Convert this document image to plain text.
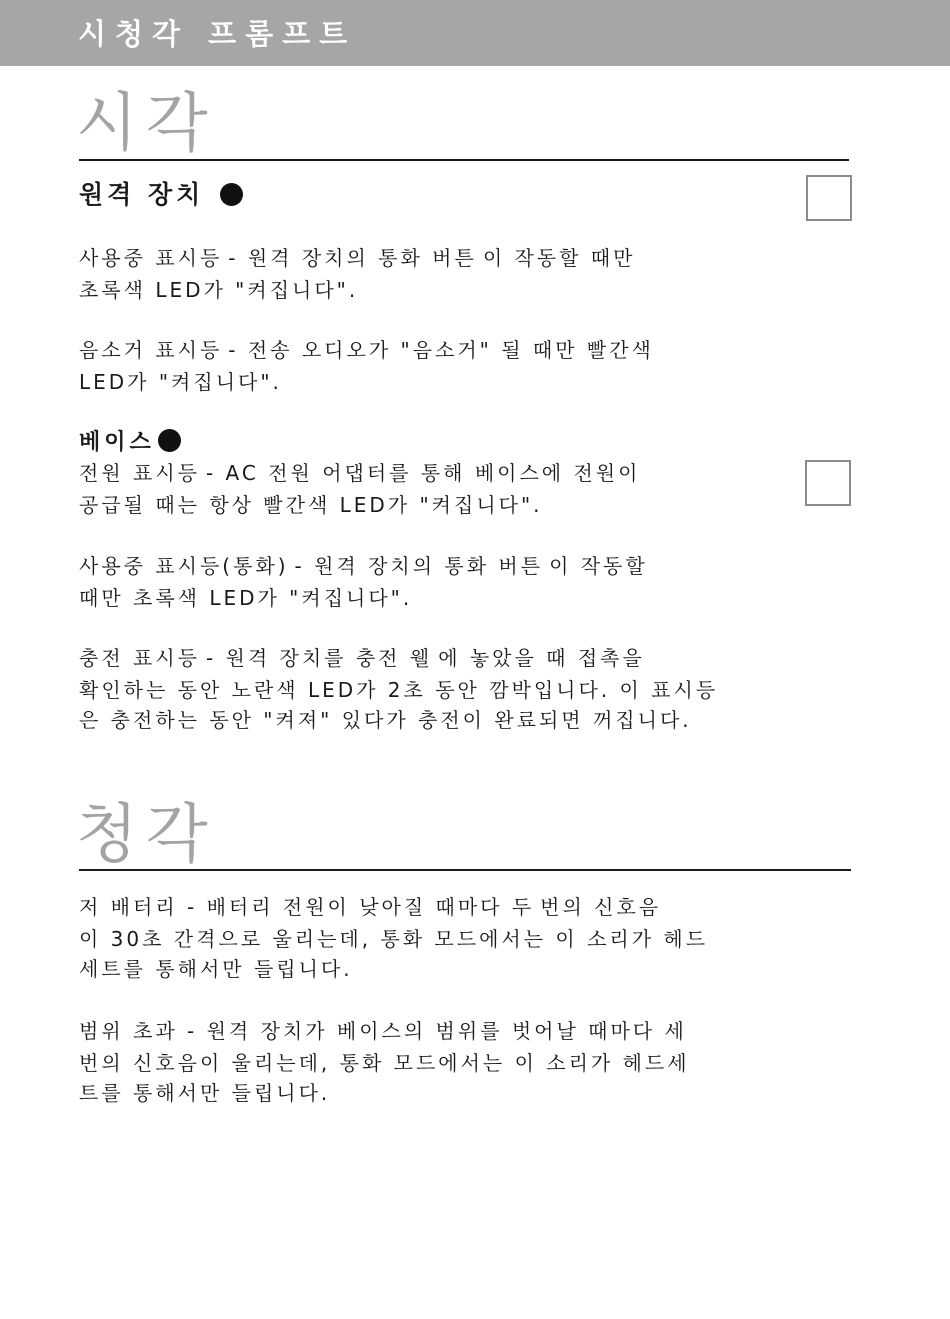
시청각 프롬프트
시각
원격 장치
사용중 표시등 - 원격 장치의 통화 버튼 이 작동할 때만
초록색 LED가 "켜집니다".
음소거 표시등 - 전송 오디오가 "음소거" 될 때만 빨간색
LED가 "켜집니다".
베이스
전원 표시등 - AC 전원 어댑터를 통해 베이스에 전원이
공급될 때는 항상 빨간색 LED가 "켜집니다".
사용중 표시등(통화) - 원격 장치의 통화 버튼 이 작동할
때만 초록색 LED가 "켜집니다".
충전 표시등 - 원격 장치를 충전 웰 에 놓았을 때 접촉을
확인하는 동안 노란색 LED가 2초 동안 깜박입니다. 이 표시등
은 충전하는 동안 "켜져" 있다가 충전이 완료되면 꺼집니다.
청각
저 배터리 - 배터리 전원이 낮아질 때마다 두 번의 신호음
이 30초 간격으로 울리는데, 통화 모드에서는 이 소리가 헤드
세트를 통해서만 들립니다.
범위 초과 - 원격 장치가 베이스의 범위를 벗어날 때마다 세
번의 신호음이 울리는데, 통화 모드에서는 이 소리가 헤드세
트를 통해서만 들립니다.
